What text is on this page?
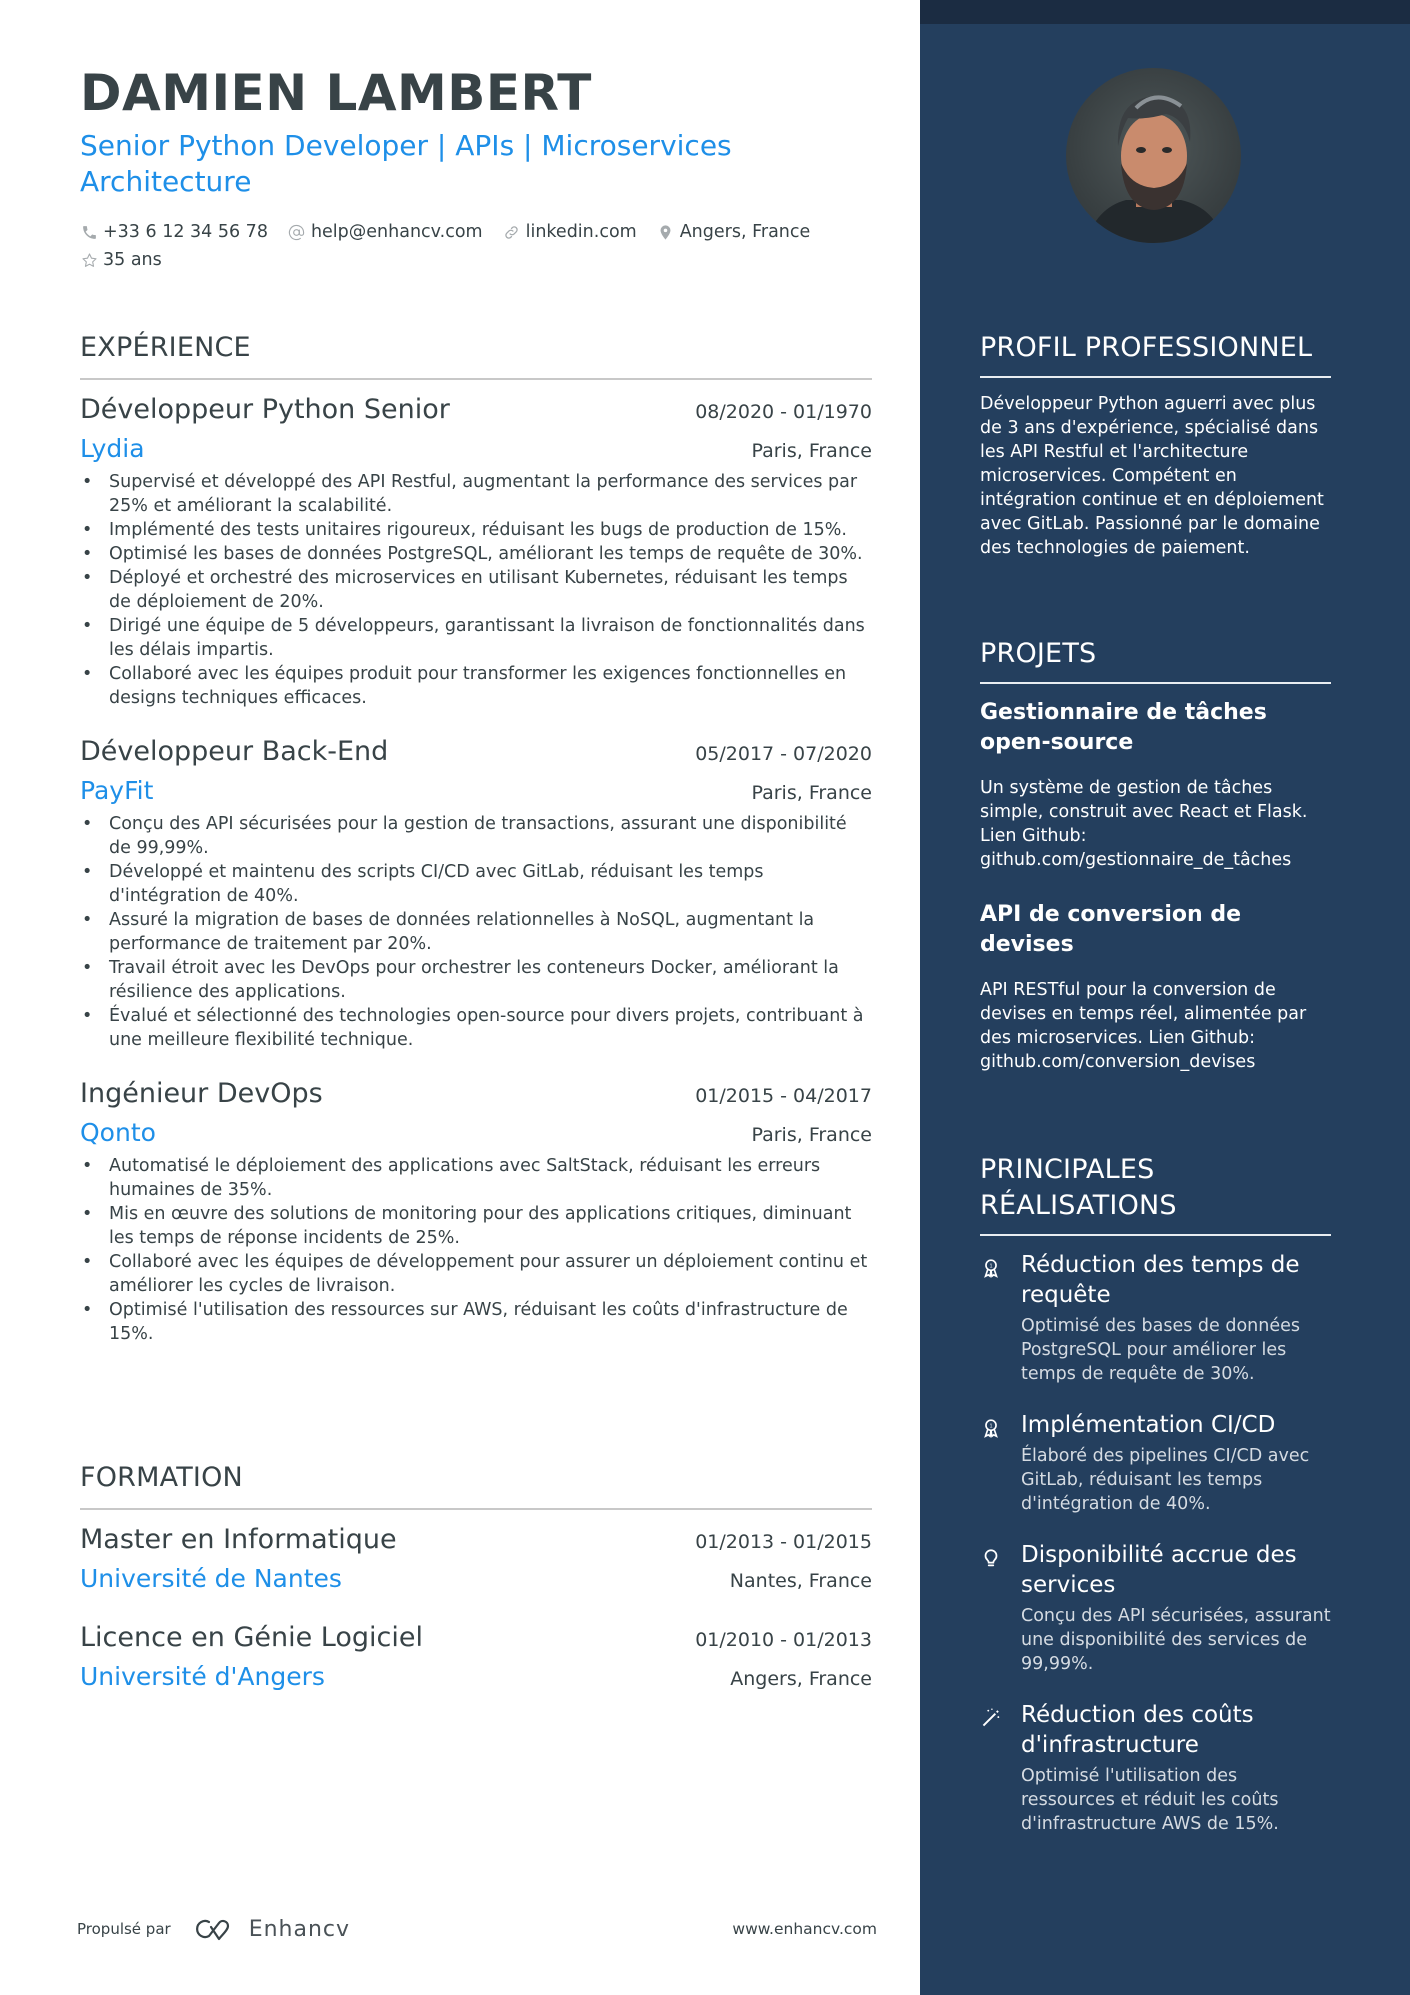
DAMIEN LAMBERT
Senior Python Developer | APIs | Microservices Architecture
+33 6 12 34 56 78 help@enhancv.com linkedin.com Angers, France
35 ans
EXPÉRIENCE
Développeur Python Senior	08/2020 - 01/1970
Lydia	Paris, France
• Supervisé et développé des API Restful, augmentant la performance des services par 25% et améliorant la scalabilité.
• Implémenté des tests unitaires rigoureux, réduisant les bugs de production de 15%.
• Optimisé les bases de données PostgreSQL, améliorant les temps de requête de 30%.
• Déployé et orchestré des microservices en utilisant Kubernetes, réduisant les temps de déploiement de 20%.
• Dirigé une équipe de 5 développeurs, garantissant la livraison de fonctionnalités dans les délais impartis.
• Collaboré avec les équipes produit pour transformer les exigences fonctionnelles en designs techniques efficaces.
Développeur Back-End	05/2017 - 07/2020
PayFit	Paris, France
• Conçu des API sécurisées pour la gestion de transactions, assurant une disponibilité de 99,99%.
• Développé et maintenu des scripts CI/CD avec GitLab, réduisant les temps d'intégration de 40%.
• Assuré la migration de bases de données relationnelles à NoSQL, augmentant la performance de traitement par 20%.
• Travail étroit avec les DevOps pour orchestrer les conteneurs Docker, améliorant la résilience des applications.
• Évalué et sélectionné des technologies open-source pour divers projets, contribuant à une meilleure flexibilité technique.
Ingénieur DevOps	01/2015 - 04/2017
Qonto	Paris, France
• Automatisé le déploiement des applications avec SaltStack, réduisant les erreurs humaines de 35%.
• Mis en œuvre des solutions de monitoring pour des applications critiques, diminuant les temps de réponse incidents de 25%.
• Collaboré avec les équipes de développement pour assurer un déploiement continu et améliorer les cycles de livraison.
• Optimisé l'utilisation des ressources sur AWS, réduisant les coûts d'infrastructure de 15%.
FORMATION
Master en Informatique	01/2013 - 01/2015
Université de Nantes	Nantes, France
Licence en Génie Logiciel	01/2010 - 01/2013
Université d'Angers	Angers, France
Propulsé par	Enhancv	www.enhancv.com
PROFIL PROFESSIONNEL
Développeur Python aguerri avec plus de 3 ans d'expérience, spécialisé dans les API Restful et l'architecture microservices. Compétent en intégration continue et en déploiement avec GitLab. Passionné par le domaine des technologies de paiement.
PROJETS
Gestionnaire de tâches open-source
Un système de gestion de tâches simple, construit avec React et Flask. Lien Github: github.com/gestionnaire_de_tâches
API de conversion de devises
API RESTful pour la conversion de devises en temps réel, alimentée par des microservices. Lien Github: github.com/conversion_devises
PRINCIPALES RÉALISATIONS
1 Réduction des temps de requête
Optimisé des bases de données PostgreSQL pour améliorer les temps de requête de 30%.
1 Implémentation CI/CD
Élaboré des pipelines CI/CD avec GitLab, réduisant les temps d'intégration de 40%.
Disponibilité accrue des services
Conçu des API sécurisées, assurant une disponibilité des services de 99,99%.
Réduction des coûts d'infrastructure
Optimisé l'utilisation des ressources et réduit les coûts d'infrastructure AWS de 15%.
